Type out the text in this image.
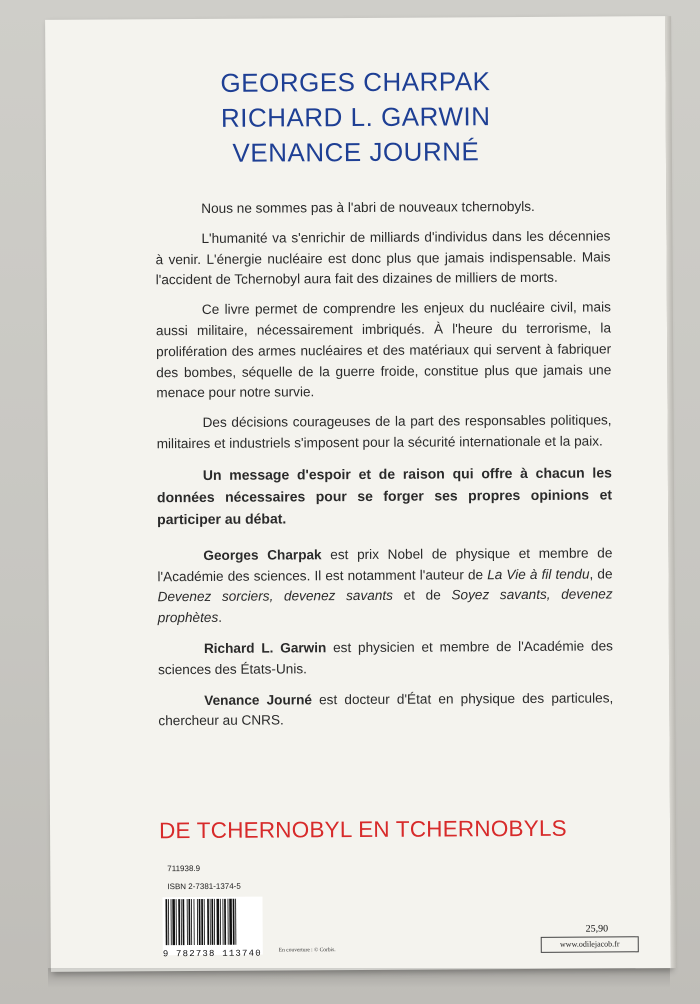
GEORGES CHARPAK
RICHARD L. GARWIN
VENANCE JOURNÉ

Nous ne sommes pas à l'abri de nouveaux tchernobyls.

L'humanité va s'enrichir de milliards d'individus dans les décennies à venir. L'énergie nucléaire est donc plus que jamais indispensable. Mais l'accident de Tchernobyl aura fait des dizaines de milliers de morts.

Ce livre permet de comprendre les enjeux du nucléaire civil, mais aussi militaire, nécessairement imbriqués. À l'heure du terrorisme, la prolifération des armes nucléaires et des matériaux qui servent à fabriquer des bombes, séquelle de la guerre froide, constitue plus que jamais une menace pour notre survie.

Des décisions courageuses de la part des responsables politiques, militaires et industriels s'imposent pour la sécurité internationale et la paix.

Un message d'espoir et de raison qui offre à chacun les données nécessaires pour se forger ses propres opinions et participer au débat.

Georges Charpak est prix Nobel de physique et membre de l'Académie des sciences. Il est notamment l'auteur de La Vie à fil tendu, de Devenez sorciers, devenez savants et de Soyez savants, devenez prophètes.

Richard L. Garwin est physicien et membre de l'Académie des sciences des États-Unis.

Venance Journé est docteur d'État en physique des particules, chercheur au CNRS.

DE TCHERNOBYL EN TCHERNOBYLS
711938.9
ISBN 2-7381-1374-5
9 782738 113740	En couverture : © Corbis.
25,90
www.odilejacob.fr
